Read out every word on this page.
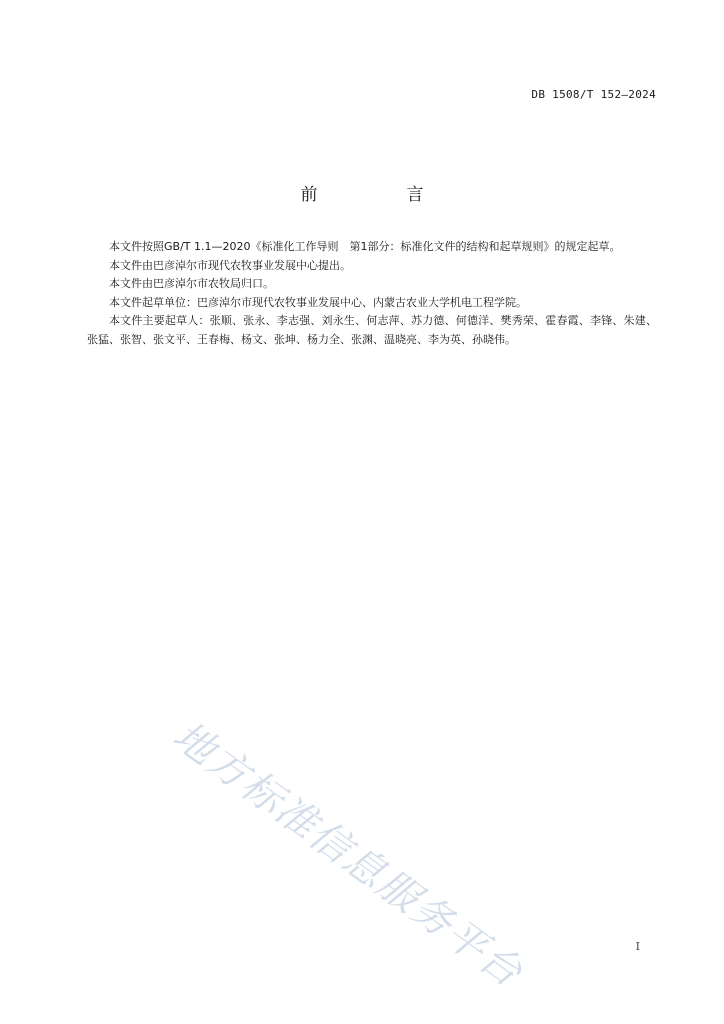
DB 1508/T 152—2024
前　言

本文件按照GB/T 1.1—2020《标准化工作导则　第1部分：标准化文件的结构和起草规则》的规定起草。

本文件由巴彦淖尔市现代农牧事业发展中心提出。

本文件由巴彦淖尔市农牧局归口。

本文件起草单位：巴彦淖尔市现代农牧事业发展中心、内蒙古农业大学机电工程学院。

本文件主要起草人：张顺、张永、李志强、刘永生、何志萍、苏力德、何德洋、樊秀荣、霍春霞、李锋、朱建、张猛、张智、张文平、王春梅、杨文、张坤、杨力全、张渊、温晓亮、李为英、孙晓伟。

地方标准信息服务平台	I
